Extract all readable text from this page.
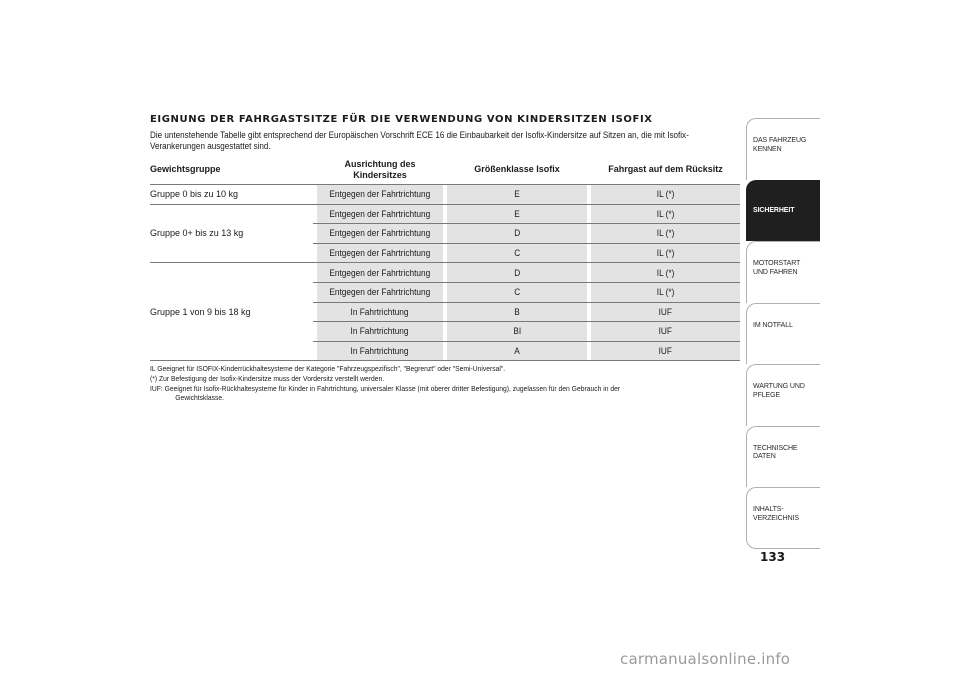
EIGNUNG DER FAHRGASTSITZE FÜR DIE VERWENDUNG VON KINDERSITZEN ISOFIX
Die untenstehende Tabelle gibt entsprechend der Europäischen Vorschrift ECE 16 die Einbaubarkeit der Isofix-Kindersitze auf Sitzen an, die mit Isofix-Verankerungen ausgestattet sind.
Gewichtsgruppe		Ausrichtung des Kindersitzes		Größenklasse Isofix		Fahrgast auf dem Rücksitz
Gruppe 0 bis zu 10 kg		Entgegen der Fahrtrichtung		E		IL (*)
Gruppe 0+ bis zu 13 kg		Entgegen der Fahrtrichtung		E		IL (*)
		Entgegen der Fahrtrichtung		D		IL (*)
		Entgegen der Fahrtrichtung		C		IL (*)
Gruppe 1 von 9 bis 18 kg		Entgegen der Fahrtrichtung		D		IL (*)
		Entgegen der Fahrtrichtung		C		IL (*)
		In Fahrtrichtung		B		IUF
		In Fahrtrichtung		BI		IUF
		In Fahrtrichtung		A		IUF
IL Geeignet für ISOFIX-Kinderrückhaltesysteme der Kategorie "Fahrzeugspezifisch", "Begrenzt" oder "Semi-Universal".
(*) Zur Befestigung der Isofix-Kindersitze muss der Vordersitz verstellt werden.
IUF: Geeignet für Isofix-Rückhaltesysteme für Kinder in Fahrtrichtung, universaler Klasse (mit oberer dritter Befestigung), zugelassen für den Gebrauch in der
Gewichtsklasse.
DAS FAHRZEUG KENNEN
SICHERHEIT
MOTORSTART UND FAHREN
IM NOTFALL
WARTUNG UND PFLEGE
TECHNISCHE DATEN
INHALTS-VERZEICHNIS
133
carmanualsonline.info
